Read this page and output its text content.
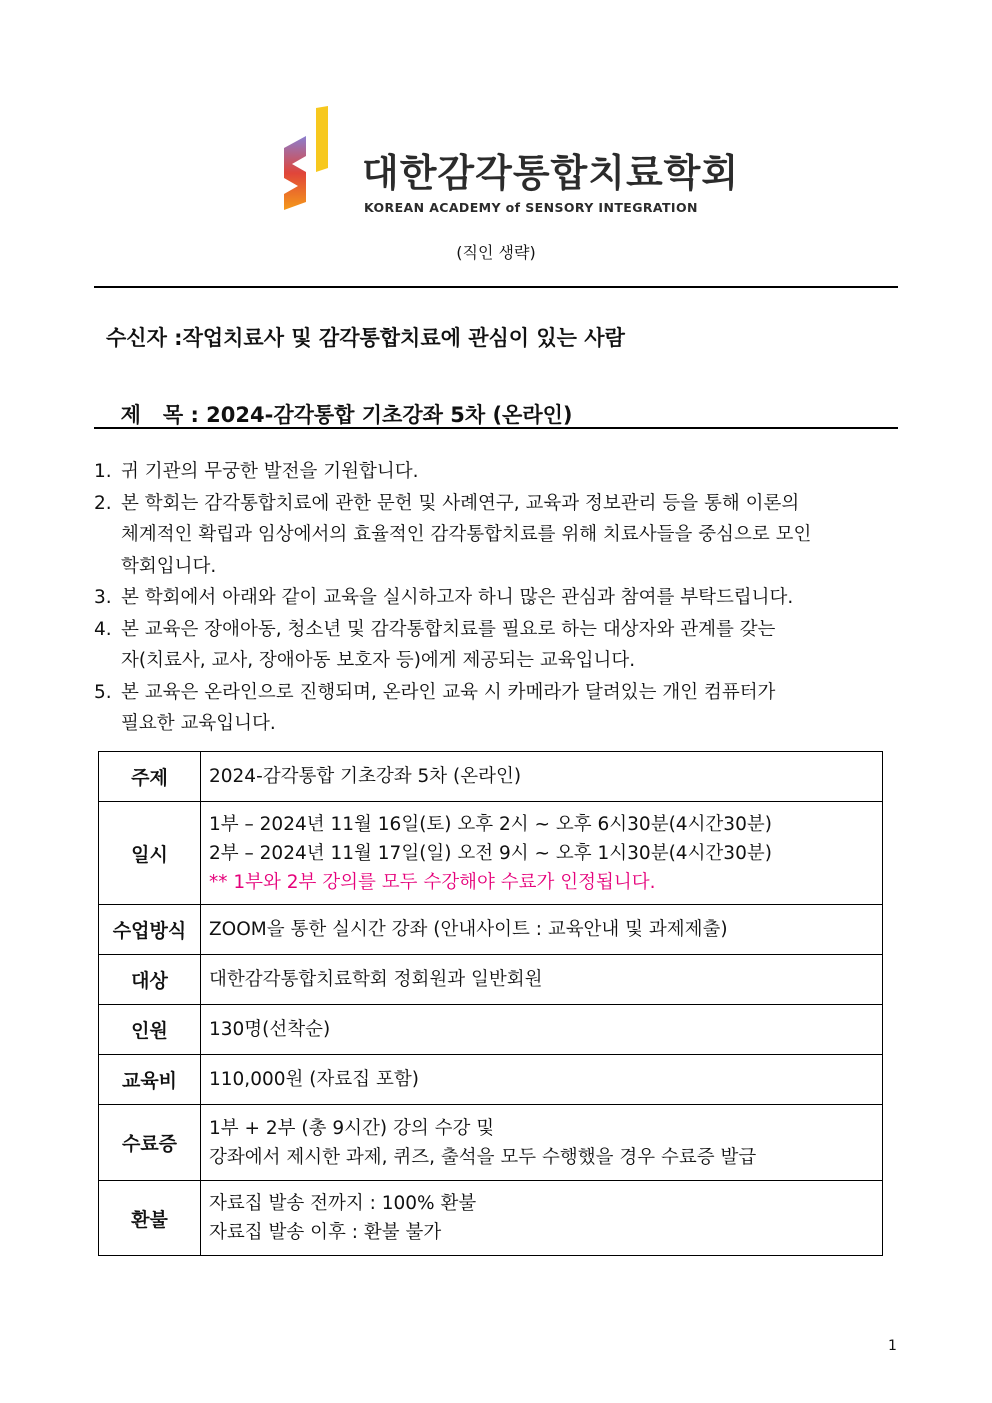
대한감각통합치료학회
KOREAN ACADEMY of SENSORY INTEGRATION
(직인 생략)
수신자 :작업치료사 및 감각통합치료에 관심이 있는 사람

제   목 : 2024-감각통합 기초강좌 5차 (온라인)

1. 귀 기관의 무궁한 발전을 기원합니다.
2. 본 학회는 감각통합치료에 관한 문헌 및 사례연구, 교육과 정보관리 등을 통해 이론의
체계적인 확립과 임상에서의 효율적인 감각통합치료를 위해 치료사들을 중심으로 모인
학회입니다.
3. 본 학회에서 아래와 같이 교육을 실시하고자 하니 많은 관심과 참여를 부탁드립니다.
4. 본 교육은 장애아동, 청소년 및 감각통합치료를 필요로 하는 대상자와 관계를 갖는
자(치료사, 교사, 장애아동 보호자 등)에게 제공되는 교육입니다.
5. 본 교육은 온라인으로 진행되며, 온라인 교육 시 카메라가 달려있는 개인 컴퓨터가
필요한 교육입니다.
주제	2024-감각통합 기초강좌 5차 (온라인)
일시	1부 – 2024년 11월 16일(토) 오후 2시 ~ 오후 6시30분(4시간30분)
2부 – 2024년 11월 17일(일) 오전 9시 ~ 오후 1시30분(4시간30분)
** 1부와 2부 강의를 모두 수강해야 수료가 인정됩니다.

수업방식	ZOOM을 통한 실시간 강좌 (안내사이트 : 교육안내 및 과제제출)
대상	대한감각통합치료학회 정회원과 일반회원
인원	130명(선착순)
교육비	110,000원 (자료집 포함)
수료증	1부 + 2부 (총 9시간) 강의 수강 및
강좌에서 제시한 과제, 퀴즈, 출석을 모두 수행했을 경우 수료증 발급

환불	자료집 발송 전까지 : 100% 환불
자료집 발송 이후 : 환불 불가
1
